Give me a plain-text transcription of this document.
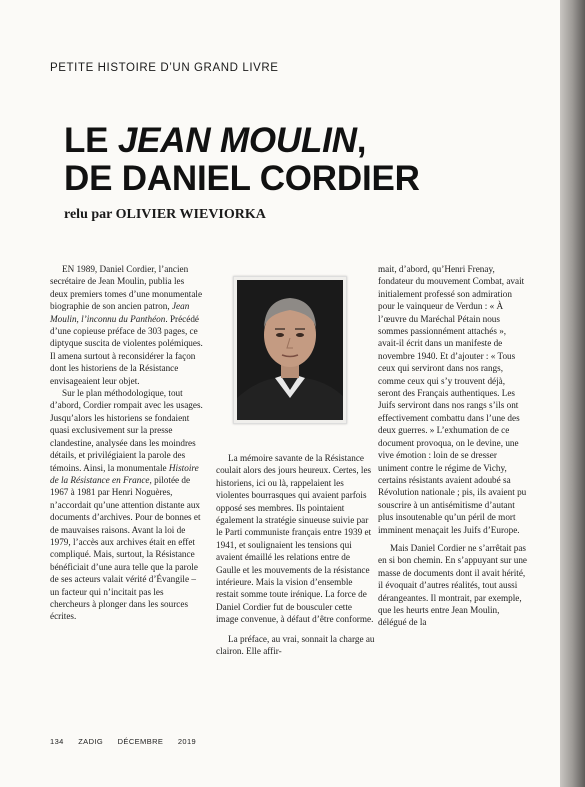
PETITE HISTOIRE D’UN GRAND LIVRE
LE JEAN MOULIN,
DE DANIEL CORDIER
relu par OLIVIER WIEVIORKA

EN 1989, Daniel Cordier, l’ancien secrétaire de Jean Moulin, publia les deux premiers tomes d’une monumentale biographie de son ancien patron, Jean Moulin, l’inconnu du Panthéon. Précédé d’une copieuse préface de 303 pages, ce diptyque suscita de violentes polémiques. Il amena surtout à reconsidérer la façon dont les historiens de la Résistance envisageaient leur objet.

Sur le plan méthodologique, tout d’abord, Cordier rompait avec les usages. Jusqu’alors les historiens se fondaient quasi exclusivement sur la presse clandestine, analysée dans les moindres détails, et privilégiaient la parole des témoins. Ainsi, la monumentale Histoire de la Résistance en France, pilotée de 1967 à 1981 par Henri Noguères, n’accordait qu’une attention distante aux documents d’archives. Pour de bonnes et de mauvaises raisons. Avant la loi de 1979, l’accès aux archives était en effet compliqué. Mais, surtout, la Résistance bénéficiait d’une aura telle que la parole de ses acteurs valait vérité d’Évangile – un facteur qui n’incitait pas les chercheurs à plonger dans les sources écrites.

La mémoire savante de la Résistance coulait alors des jours heureux. Certes, les historiens, ici ou là, rappelaient les violentes bourrasques qui avaient parfois opposé ses membres. Ils pointaient également la stratégie sinueuse suivie par le Parti communiste français entre 1939 et 1941, et soulignaient les tensions qui avaient émaillé les relations entre de Gaulle et les mouvements de la résistance intérieure. Mais la vision d’ensemble restait somme toute irénique. La force de Daniel Cordier fut de bousculer cette image convenue, à défaut d’être conforme.

La préface, au vrai, sonnait la charge au clairon. Elle affir-

mait, d’abord, qu’Henri Frenay, fondateur du mouvement Combat, avait initialement professé son admiration pour le vainqueur de Verdun : « À l’œuvre du Maréchal Pétain nous sommes passionnément attachés », avait-il écrit dans un manifeste de novembre 1940. Et d’ajouter : « Tous ceux qui serviront dans nos rangs, comme ceux qui s’y trouvent déjà, seront des Français authentiques. Les Juifs serviront dans nos rangs s’ils ont effectivement combattu dans l’une des deux guerres. » L’exhumation de ce document provoqua, on le devine, une vive émotion : loin de se dresser uniment contre le régime de Vichy, certains résistants avaient adoubé sa Révolution nationale ; pis, ils avaient pu souscrire à un antisémitisme d’autant plus insoutenable qu’un péril de mort imminent menaçait les Juifs d’Europe.

Mais Daniel Cordier ne s’arrêtait pas en si bon chemin. En s’appuyant sur une masse de documents dont il avait hérité, il évoquait d’autres réalités, tout aussi dérangeantes. Il montrait, par exemple, que les heurts entre Jean Moulin, délégué de la

134 ZADIG DÉCEMBRE 2019
